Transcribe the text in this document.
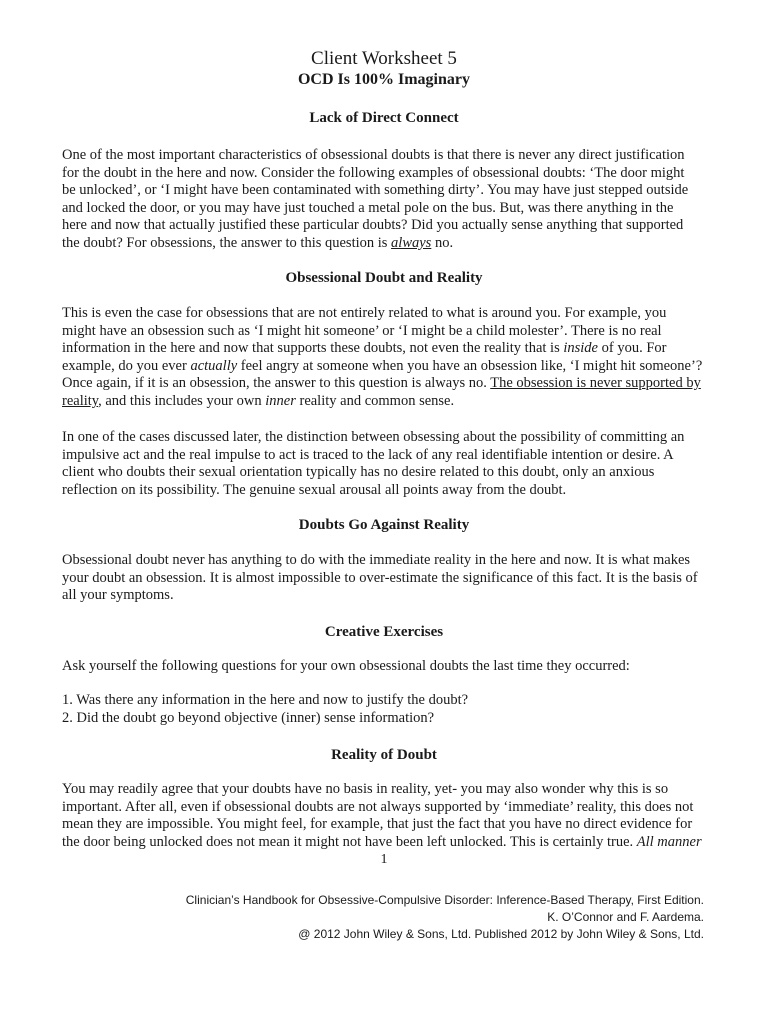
Client Worksheet 5
OCD Is 100% Imaginary
Lack of Direct Connect

One of the most important characteristics of obsessional doubts is that there is never any direct justification

for the doubt in the here and now. Consider the following examples of obsessional doubts: ‘The door might

be unlocked’, or ‘I might have been contaminated with something dirty’. You may have just stepped outside

and locked the door, or you may have just touched a metal pole on the bus. But, was there anything in the

here and now that actually justified these particular doubts? Did you actually sense anything that supported

the doubt? For obsessions, the answer to this question is always no.

Obsessional Doubt and Reality

This is even the case for obsessions that are not entirely related to what is around you. For example, you

might have an obsession such as ‘I might hit someone’ or ‘I might be a child molester’. There is no real

information in the here and now that supports these doubts, not even the reality that is inside of you. For

example, do you ever actually feel angry at someone when you have an obsession like, ‘I might hit someone’?

Once again, if it is an obsession, the answer to this question is always no. The obsession is never supported by

reality, and this includes your own inner reality and common sense.

In one of the cases discussed later, the distinction between obsessing about the possibility of committing an

impulsive act and the real impulse to act is traced to the lack of any real identifiable intention or desire. A

client who doubts their sexual orientation typically has no desire related to this doubt, only an anxious

reflection on its possibility. The genuine sexual arousal all points away from the doubt.

Doubts Go Against Reality

Obsessional doubt never has anything to do with the immediate reality in the here and now. It is what makes

your doubt an obsession. It is almost impossible to over-estimate the significance of this fact. It is the basis of

all your symptoms.

Creative Exercises

Ask yourself the following questions for your own obsessional doubts the last time they occurred:

1. Was there any information in the here and now to justify the doubt?

2. Did the doubt go beyond objective (inner) sense information?

Reality of Doubt

You may readily agree that your doubts have no basis in reality, yet- you may also wonder why this is so

important. After all, even if obsessional doubts are not always supported by ‘immediate’ reality, this does not

mean they are impossible. You might feel, for example, that just the fact that you have no direct evidence for

the door being unlocked does not mean it might not have been left unlocked. This is certainly true. All manner

1

Clinician’s Handbook for Obsessive-Compulsive Disorder: Inference-Based Therapy, First Edition.

K. O’Connor and F. Aardema.

@ 2012 John Wiley & Sons, Ltd. Published 2012 by John Wiley & Sons, Ltd.
